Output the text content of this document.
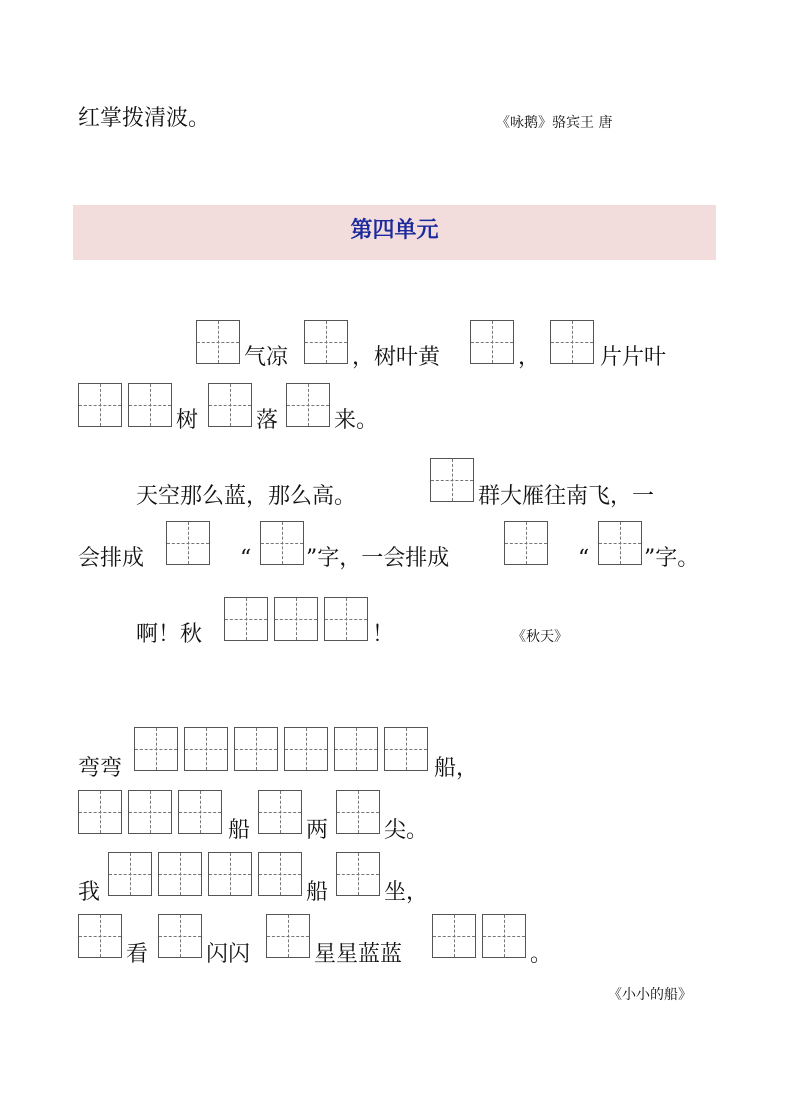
红掌拨清波。	《咏鹅》骆宾王 唐
第四单元
气凉	，树叶黄	，	片片叶
树	落	来。
天空那么蓝，那么高。	群大雁往南飞，一
会排成	“ ”字，一会排成	“ ”字。
啊！秋	！	《秋天》
弯弯	船，
船	两	尖。
我	船	坐，
看	闪闪	星星蓝蓝	。
《小小的船》
